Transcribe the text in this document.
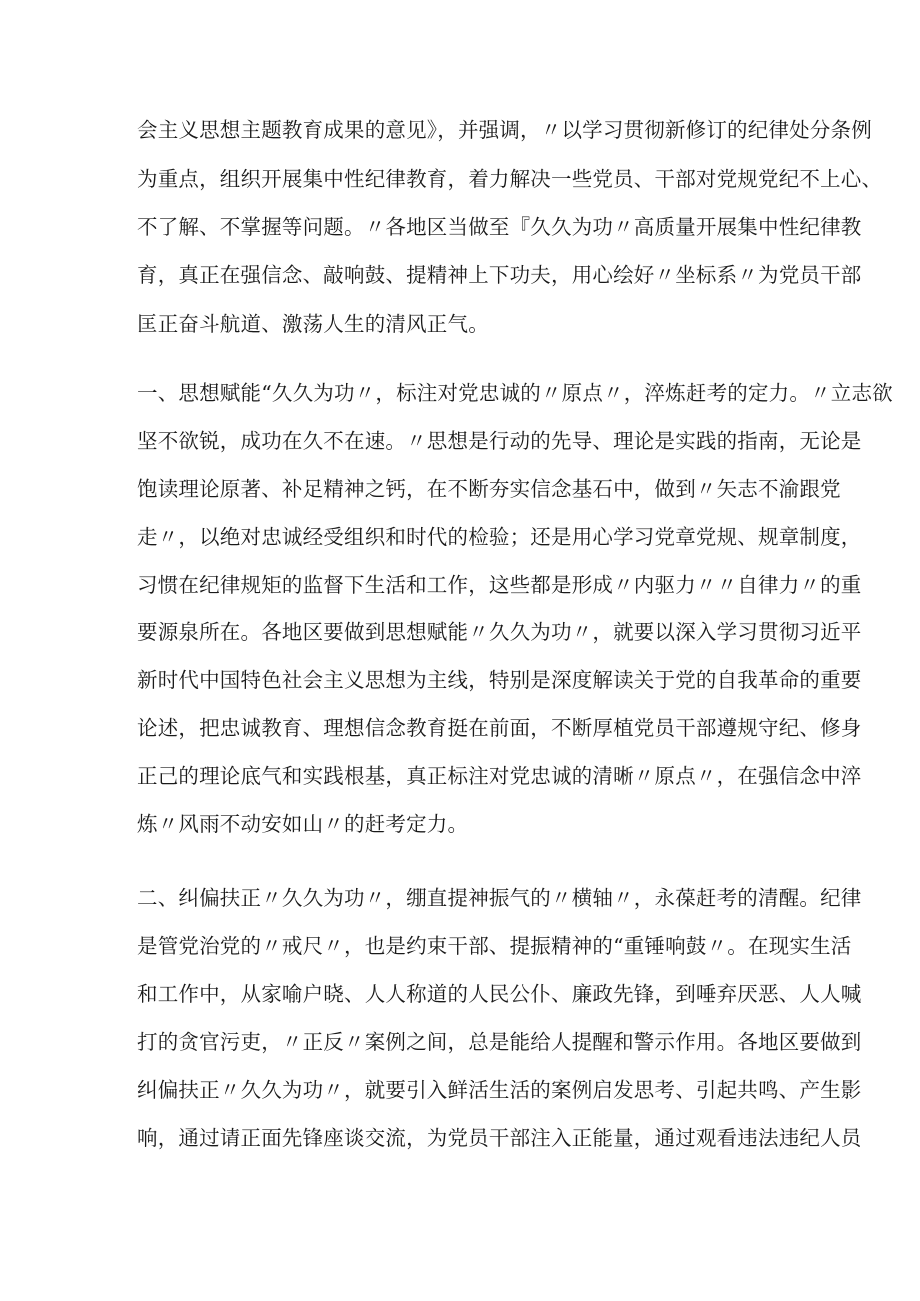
会主义思想主题教育成果的意见》，并强调，〃以学习贯彻新修订的纪律处分条例
为重点，组织开展集中性纪律教育，着力解决一些党员、干部对党规党纪不上心、
不了解、不掌握等问题。〃各地区当做至『久久为功〃高质量开展集中性纪律教
育，真正在强信念、敲响鼓、提精神上下功夫，用心绘好〃坐标系〃为党员干部
匡正奋斗航道、激荡人生的清风正气。
一、思想赋能“久久为功〃，标注对党忠诚的〃原点〃，淬炼赶考的定力。〃立志欲
坚不欲锐，成功在久不在速。〃思想是行动的先导、理论是实践的指南，无论是
饱读理论原著、补足精神之钙，在不断夯实信念基石中，做到〃矢志不渝跟党
走〃，以绝对忠诚经受组织和时代的检验；还是用心学习党章党规、规章制度，
习惯在纪律规矩的监督下生活和工作，这些都是形成〃内驱力〃〃自律力〃的重
要源泉所在。各地区要做到思想赋能〃久久为功〃，就要以深入学习贯彻习近平
新时代中国特色社会主义思想为主线，特别是深度解读关于党的自我革命的重要
论述，把忠诚教育、理想信念教育挺在前面，不断厚植党员干部遵规守纪、修身
正己的理论底气和实践根基，真正标注对党忠诚的清晰〃原点〃，在强信念中淬
炼〃风雨不动安如山〃的赶考定力。
二、纠偏扶正〃久久为功〃，绷直提神振气的〃横轴〃，永葆赶考的清醒。纪律
是管党治党的〃戒尺〃，也是约束干部、提振精神的“重锤响鼓〃。在现实生活
和工作中，从家喻户晓、人人称道的人民公仆、廉政先锋，到唾弃厌恶、人人喊
打的贪官污吏，〃正反〃案例之间，总是能给人提醒和警示作用。各地区要做到
纠偏扶正〃久久为功〃，就要引入鲜活生活的案例启发思考、引起共鸣、产生影
响，通过请正面先锋座谈交流，为党员干部注入正能量，通过观看违法违纪人员
